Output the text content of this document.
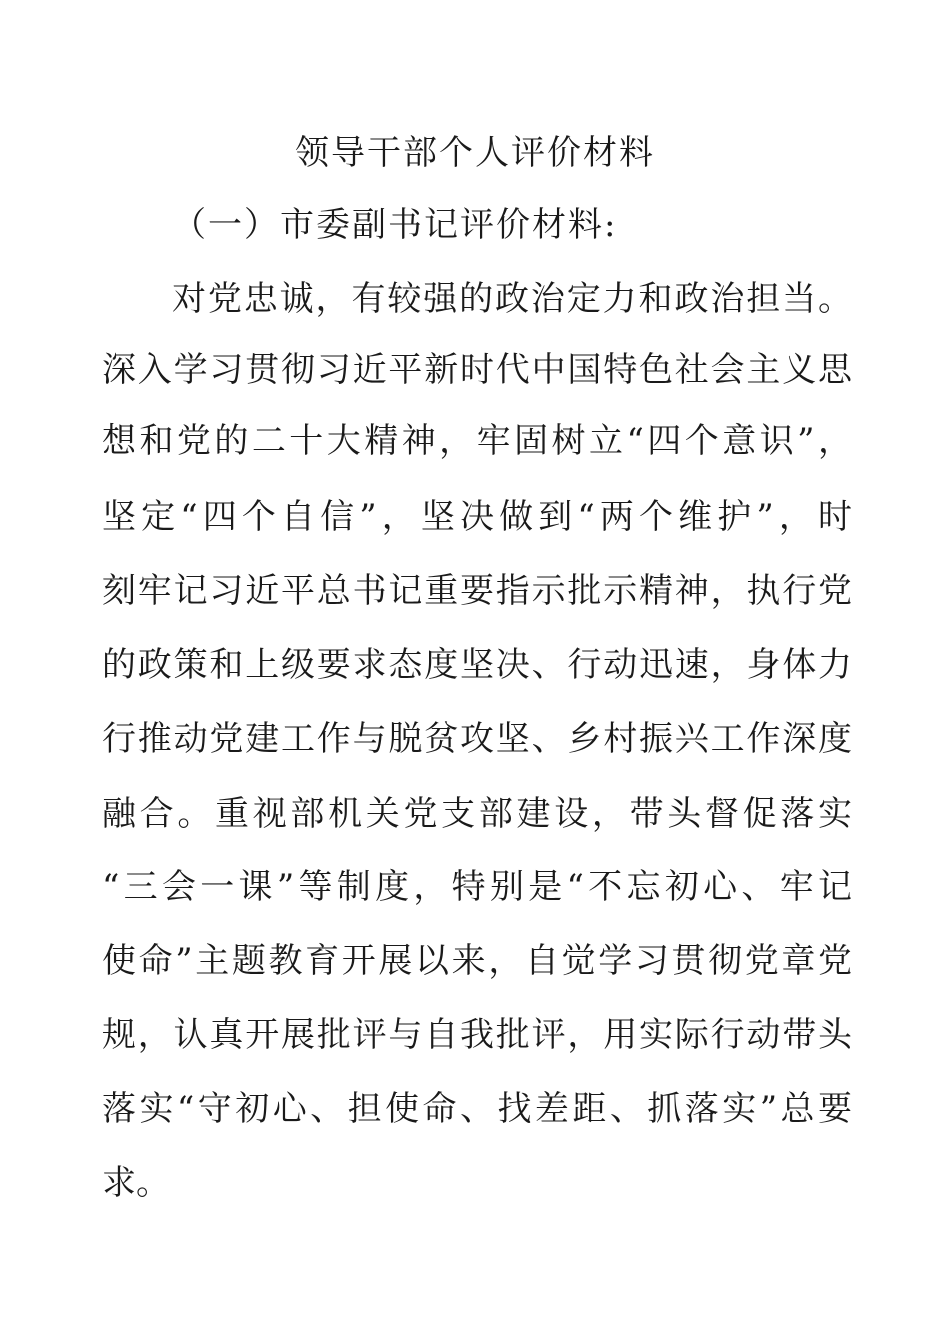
领导干部个人评价材料

（一）市委副书记评价材料:

对党忠诚，有较强的政治定力和政治担当。

深入学习贯彻习近平新时代中国特色社会主义思

想和党的二十大精神，牢固树立“四个意识”，

坚定“四个自信”，坚决做到“两个维护”，时

刻牢记习近平总书记重要指示批示精神，执行党

的政策和上级要求态度坚决、行动迅速，身体力

行推动党建工作与脱贫攻坚、乡村振兴工作深度

融合。重视部机关党支部建设，带头督促落实

“三会一课”等制度，特别是“不忘初心、牢记

使命”主题教育开展以来，自觉学习贯彻党章党

规，认真开展批评与自我批评，用实际行动带头

落实“守初心、担使命、找差距、抓落实”总要

求。
